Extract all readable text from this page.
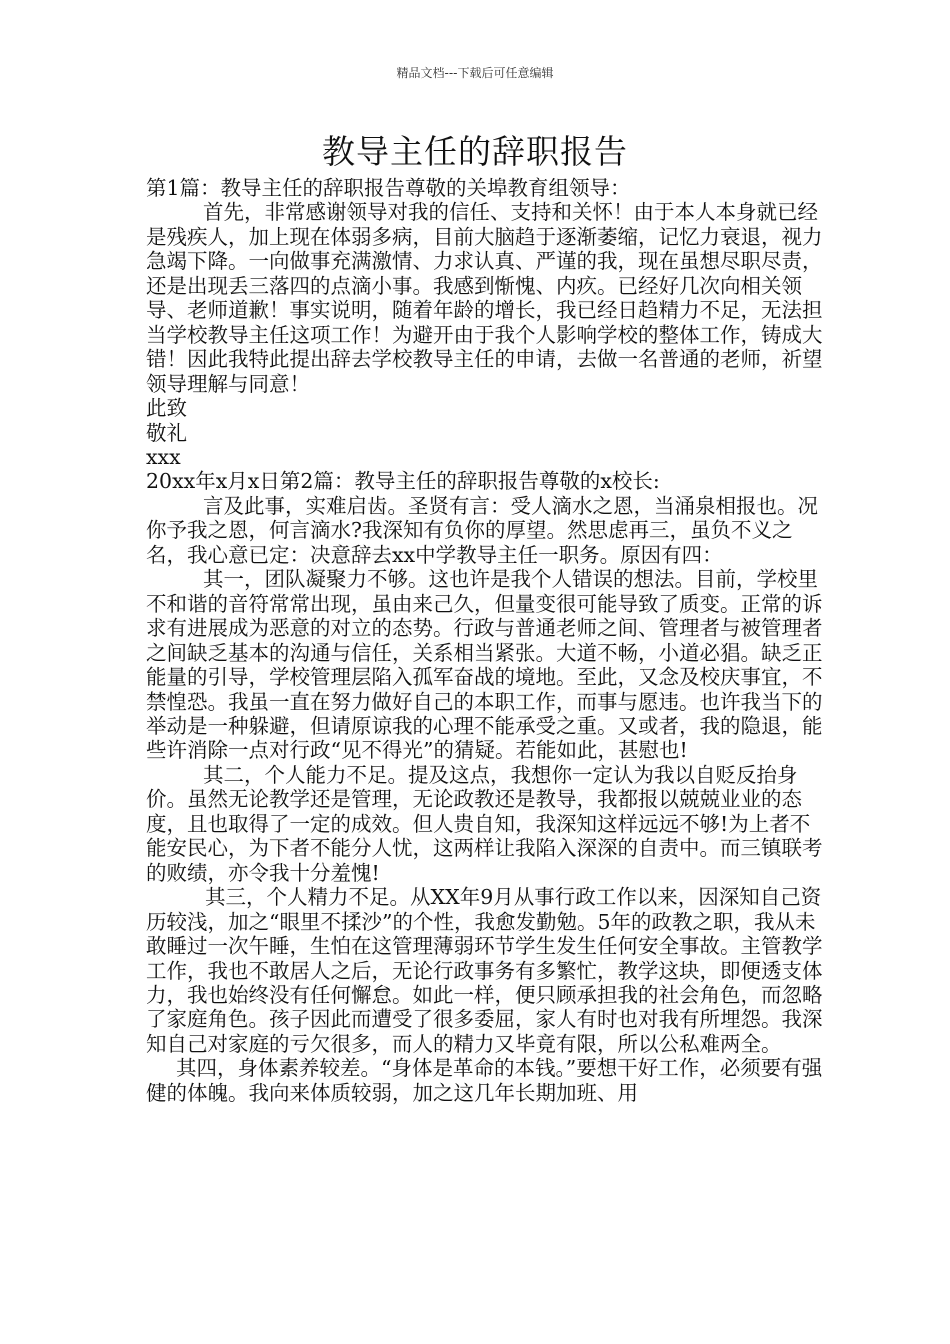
精品文档---下载后可任意编辑
教导主任的辞职报告

第1篇：教导主任的辞职报告尊敬的关埠教育组领导：

首先，非常感谢领导对我的信任、支持和关怀！由于本人本身就已经是残疾人，加上现在体弱多病，目前大脑趋于逐渐萎缩，记忆力衰退，视力急竭下降。一向做事充满激情、力求认真、严谨的我，现在虽想尽职尽责，还是出现丢三落四的点滴小事。我感到惭愧、内疚。已经好几次向相关领导、老师道歉！事实说明，随着年龄的增长，我已经日趋精力不足，无法担当学校教导主任这项工作！为避开由于我个人影响学校的整体工作，铸成大错！因此我特此提出辞去学校教导主任的申请，去做一名普通的老师，祈望领导理解与同意！

此致

敬礼

xxx

20xx年x月x日第2篇：教导主任的辞职报告尊敬的x校长:

言及此事，实难启齿。圣贤有言：受人滴水之恩，当涌泉相报也。况你予我之恩，何言滴水?我深知有负你的厚望。然思虑再三，虽负不义之名，我心意已定：决意辞去xx中学教导主任一职务。原因有四：

其一，团队凝聚力不够。这也许是我个人错误的想法。目前，学校里不和谐的音符常常出现，虽由来己久，但量变很可能导致了质变。正常的诉求有进展成为恶意的对立的态势。行政与普通老师之间、管理者与被管理者之间缺乏基本的沟通与信任，关系相当紧张。大道不畅，小道必猖。缺乏正能量的引导，学校管理层陷入孤军奋战的境地。至此，又念及校庆事宜，不禁惶恐。我虽一直在努力做好自己的本职工作，而事与愿违。也许我当下的举动是一种躲避，但请原谅我的心理不能承受之重。又或者，我的隐退，能些许消除一点对行政“见不得光”的猜疑。若能如此，甚慰也!

其二，个人能力不足。提及这点，我想你一定认为我以自贬反抬身价。虽然无论教学还是管理，无论政教还是教导，我都报以兢兢业业的态度，且也取得了一定的成效。但人贵自知，我深知这样远远不够!为上者不能安民心，为下者不能分人忧，这两样让我陷入深深的自责中。而三镇联考的败绩，亦令我十分羞愧!

其三，个人精力不足。从XX年9月从事行政工作以来，因深知自己资历较浅，加之“眼里不揉沙”的个性，我愈发勤勉。5年的政教之职，我从未敢睡过一次午睡，生怕在这管理薄弱环节学生发生任何安全事故。主管教学工作，我也不敢居人之后，无论行政事务有多繁忙，教学这块，即便透支体力，我也始终没有任何懈怠。如此一样，便只顾承担我的社会角色，而忽略了家庭角色。孩子因此而遭受了很多委屈，家人有时也对我有所埋怨。我深知自己对家庭的亏欠很多，而人的精力又毕竟有限，所以公私难两全。

其四，身体素养较差。“身体是革命的本钱。”要想干好工作，必须要有强健的体魄。我向来体质较弱，加之这几年长期加班、用
